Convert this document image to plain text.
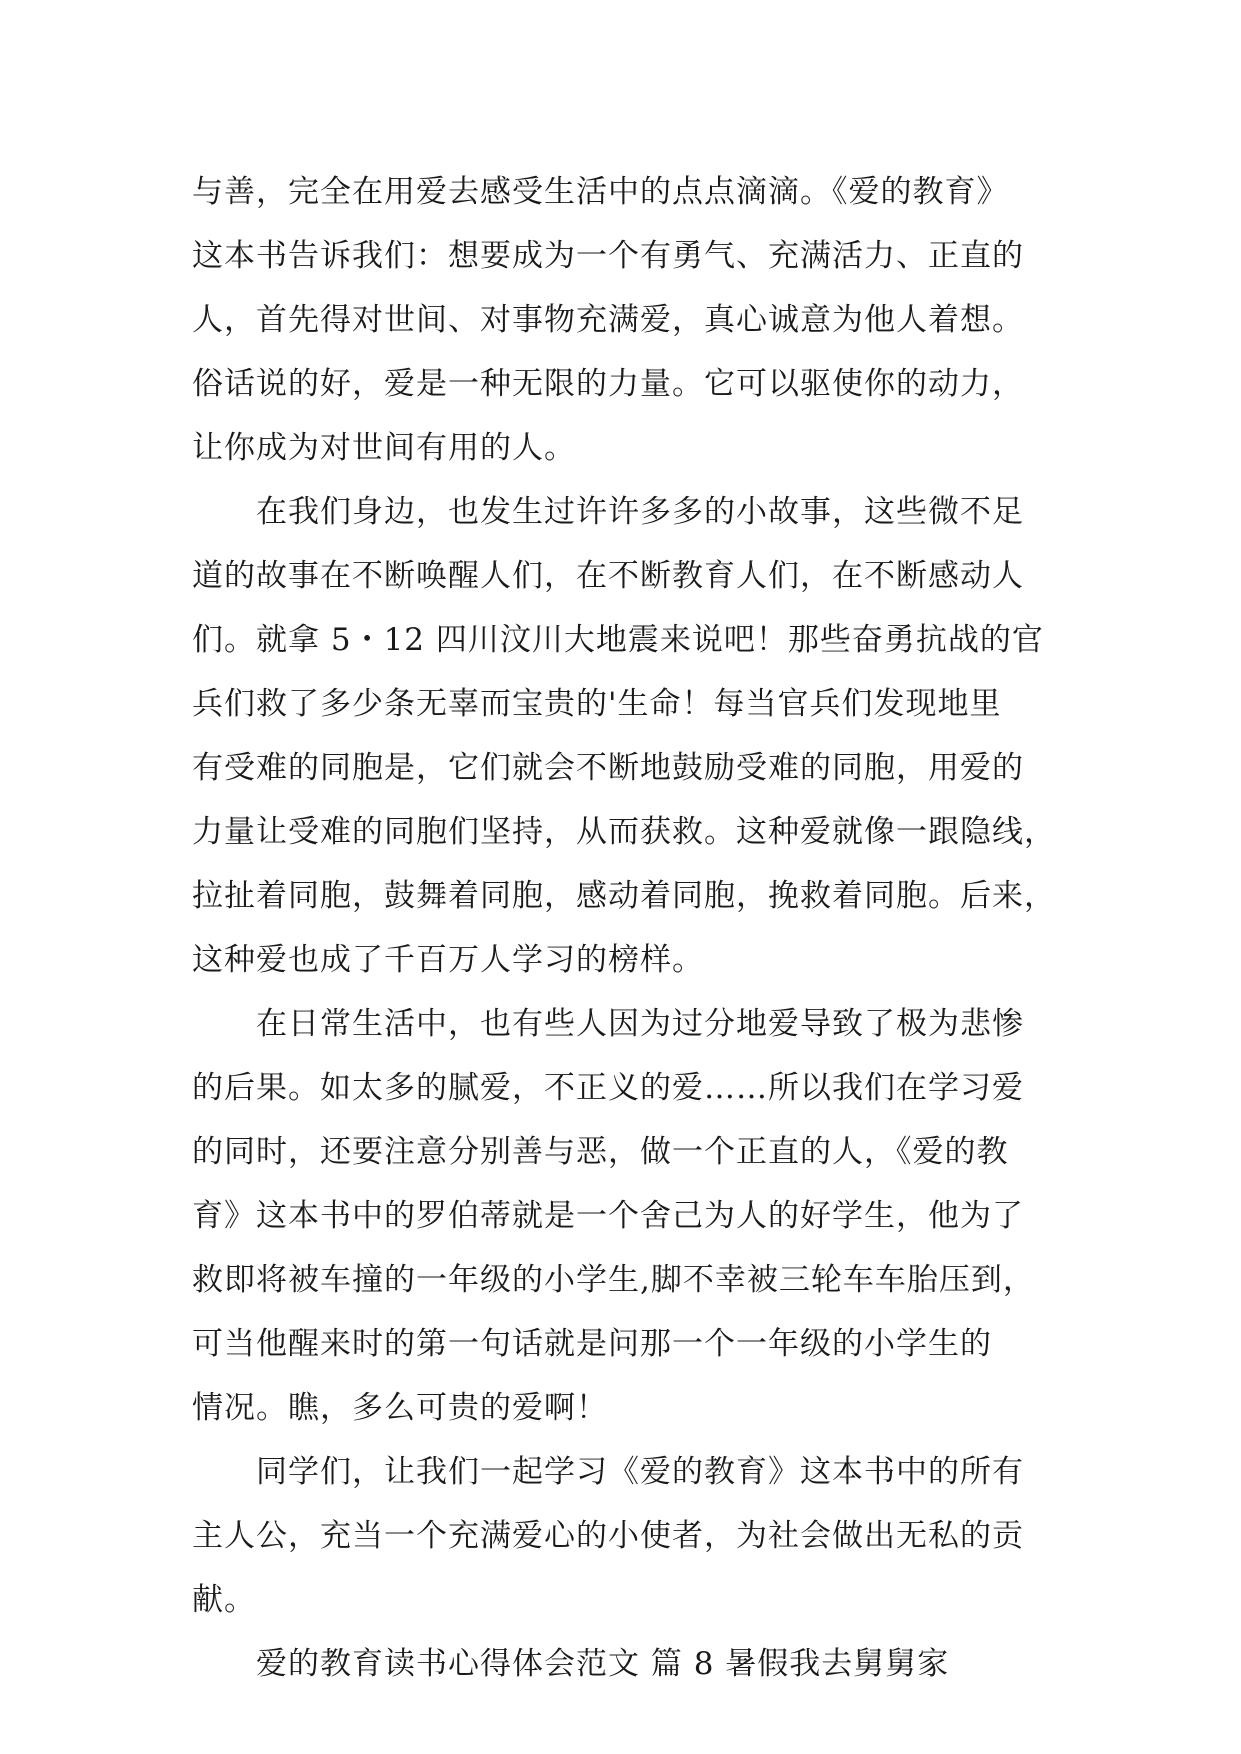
与善，完全在用爱去感受生活中的点点滴滴。《爱的教育》
这本书告诉我们：想要成为一个有勇气、充满活力、正直的
人，首先得对世间、对事物充满爱，真心诚意为他人着想。
俗话说的好，爱是一种无限的力量。它可以驱使你的动力，
让你成为对世间有用的人。
在我们身边，也发生过许许多多的小故事，这些微不足
道的故事在不断唤醒人们，在不断教育人们，在不断感动人
们。就拿 5・12 四川汶川大地震来说吧！那些奋勇抗战的官
兵们救了多少条无辜而宝贵的'生命！每当官兵们发现地里
有受难的同胞是，它们就会不断地鼓励受难的同胞，用爱的
力量让受难的同胞们坚持，从而获救。这种爱就像一跟隐线，
拉扯着同胞，鼓舞着同胞，感动着同胞，挽救着同胞。后来，
这种爱也成了千百万人学习的榜样。
在日常生活中，也有些人因为过分地爱导致了极为悲惨
的后果。如太多的腻爱，不正义的爱……所以我们在学习爱
的同时，还要注意分别善与恶，做一个正直的人，《爱的教
育》这本书中的罗伯蒂就是一个舍己为人的好学生，他为了
救即将被车撞的一年级的小学生,脚不幸被三轮车车胎压到，
可当他醒来时的第一句话就是问那一个一年级的小学生的
情况。瞧，多么可贵的爱啊！
同学们，让我们一起学习《爱的教育》这本书中的所有
主人公，充当一个充满爱心的小使者，为社会做出无私的贡
献。
爱的教育读书心得体会范文 篇 8 暑假我去舅舅家
